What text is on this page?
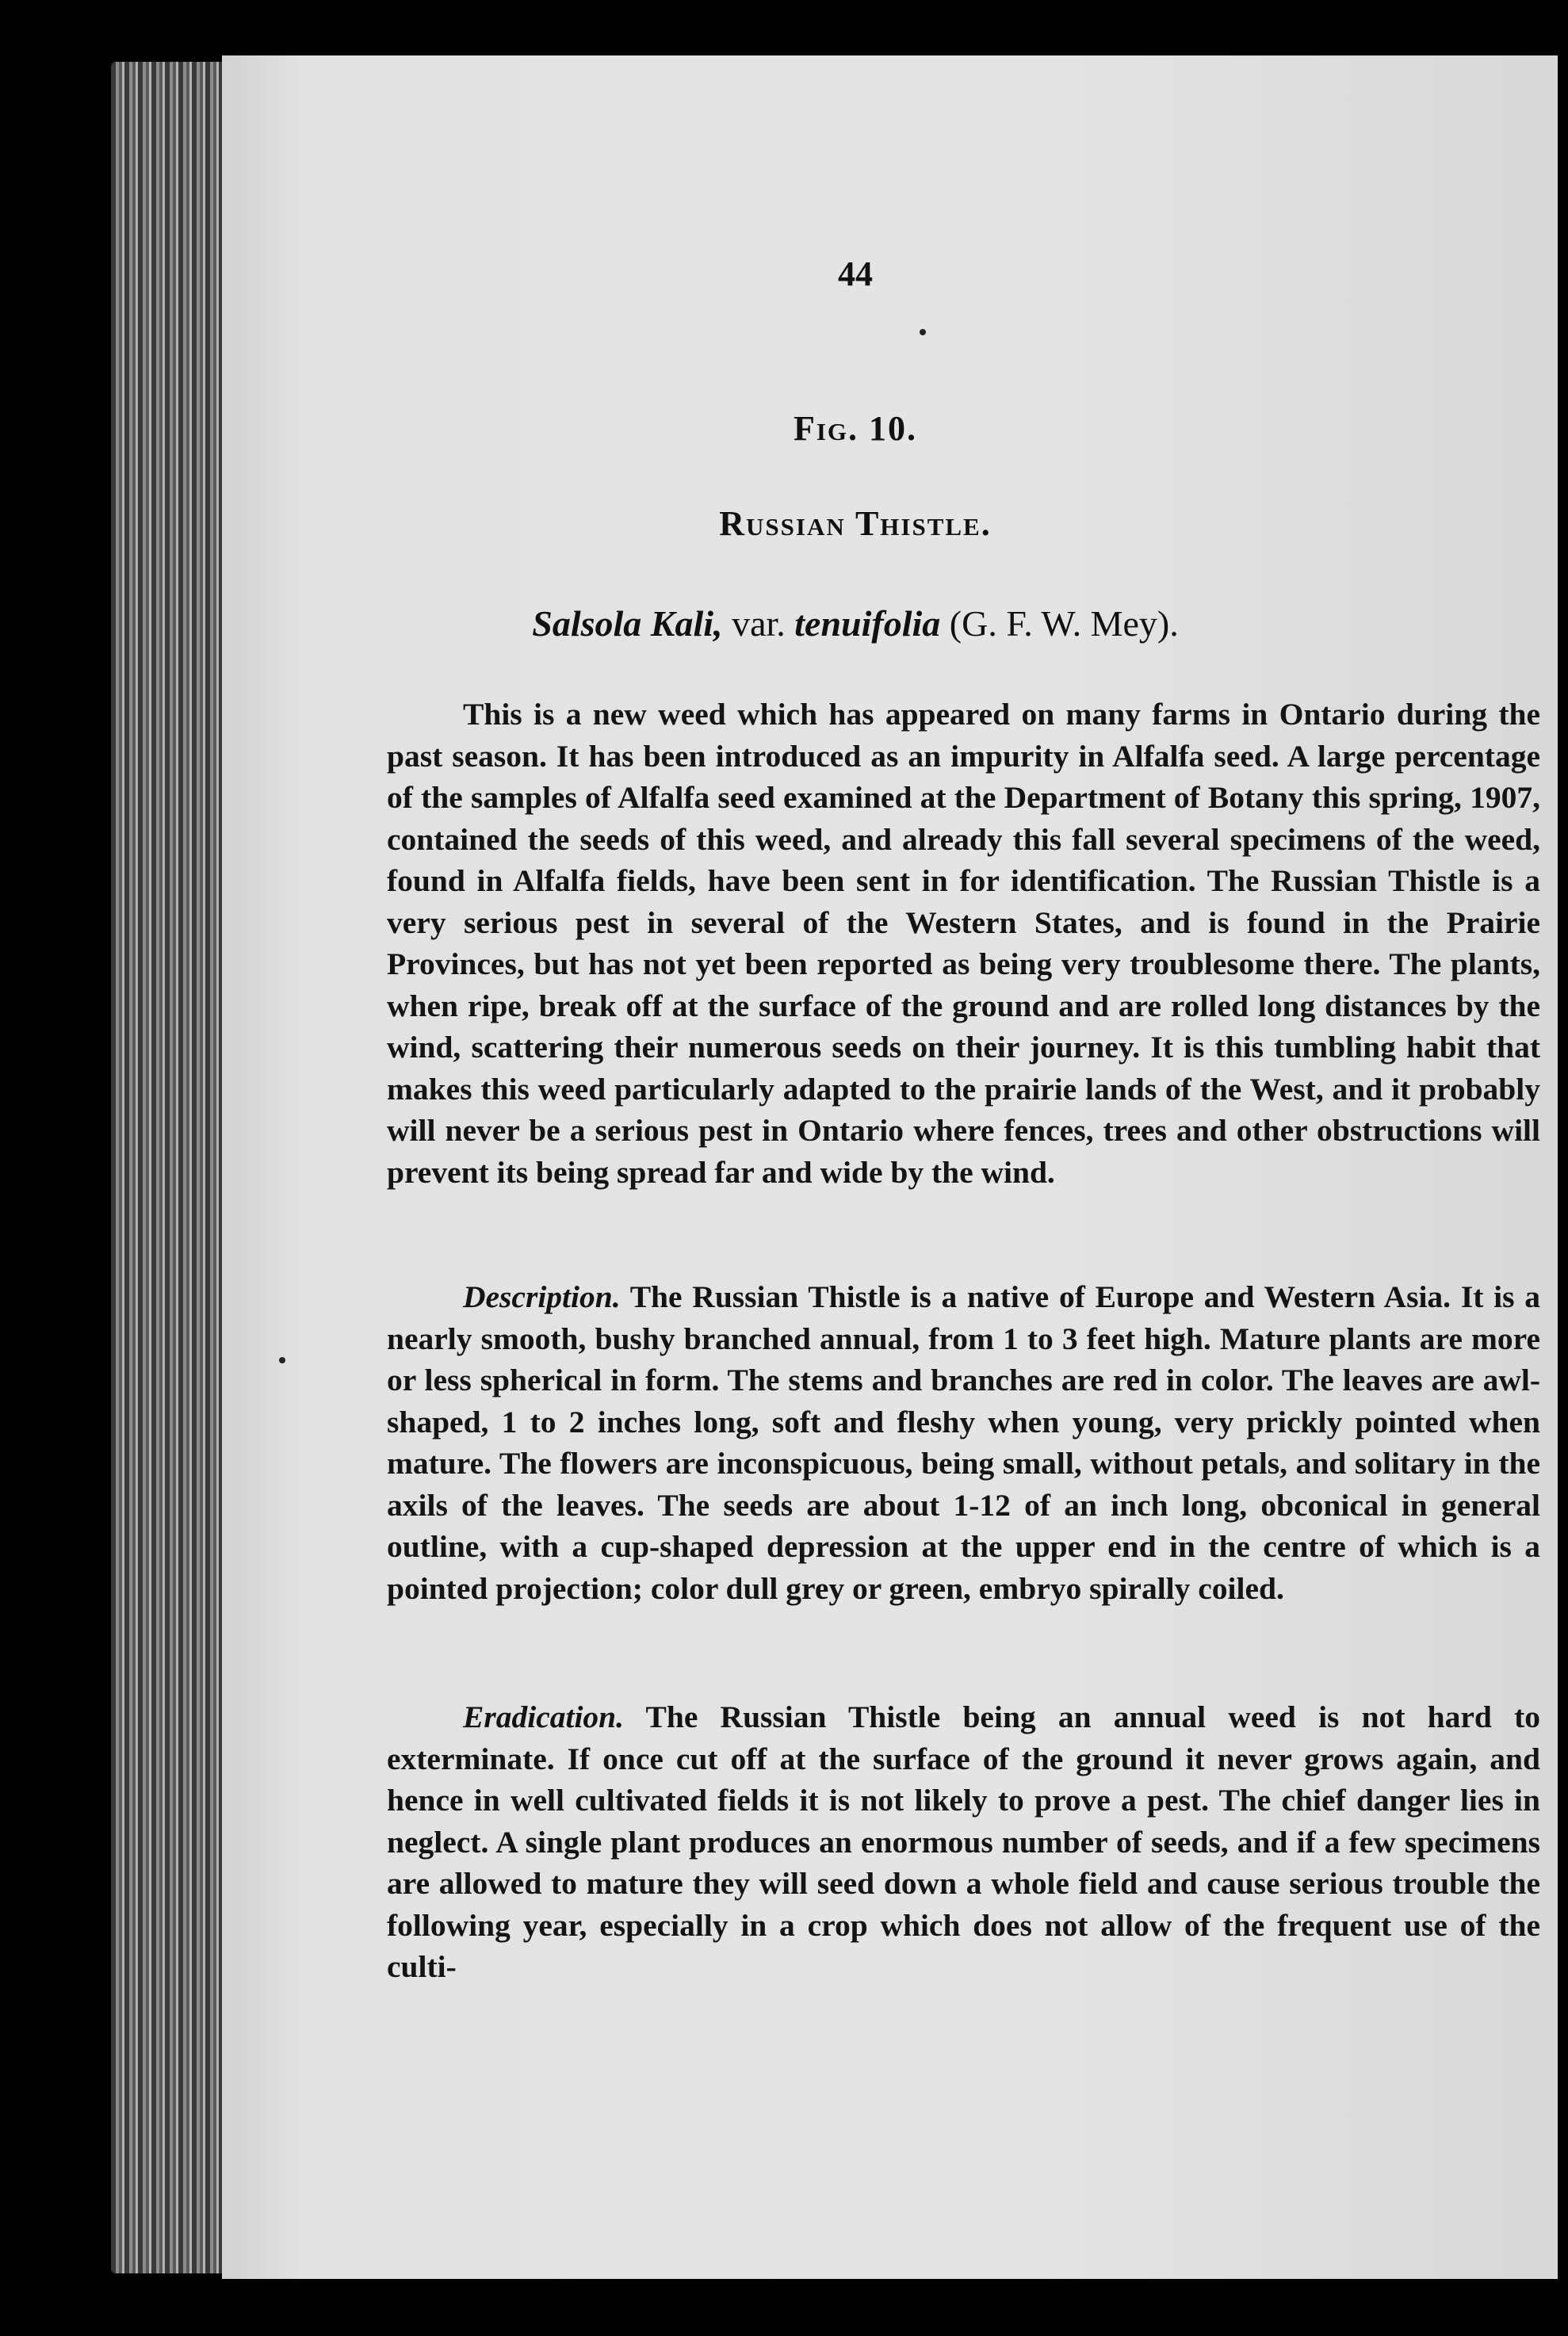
44
Fig. 10.
Russian Thistle.
Salsola Kali, var. tenuifolia (G. F. W. Mey).

This is a new weed which has appeared on many farms in Ontario during the past season. It has been introduced as an impurity in Alfalfa seed. A large percentage of the samples of Alfalfa seed examined at the Department of Botany this spring, 1907, contained the seeds of this weed, and already this fall several specimens of the weed, found in Alfalfa fields, have been sent in for identification. The Russian Thistle is a very serious pest in several of the Western States, and is found in the Prairie Provinces, but has not yet been reported as being very troublesome there. The plants, when ripe, break off at the surface of the ground and are rolled long distances by the wind, scattering their numerous seeds on their journey. It is this tumbling habit that makes this weed particularly adapted to the prairie lands of the West, and it probably will never be a serious pest in Ontario where fences, trees and other obstructions will prevent its being spread far and wide by the wind.

Description. The Russian Thistle is a native of Europe and Western Asia. It is a nearly smooth, bushy branched annual, from 1 to 3 feet high. Mature plants are more or less spherical in form. The stems and branches are red in color. The leaves are awl-shaped, 1 to 2 inches long, soft and fleshy when young, very prickly pointed when mature. The flowers are inconspicuous, being small, without petals, and solitary in the axils of the leaves. The seeds are about 1-12 of an inch long, obconical in general outline, with a cup-shaped depression at the upper end in the centre of which is a pointed projection; color dull grey or green, embryo spirally coiled.

Eradication. The Russian Thistle being an annual weed is not hard to exterminate. If once cut off at the surface of the ground it never grows again, and hence in well cultivated fields it is not likely to prove a pest. The chief danger lies in neglect. A single plant produces an enormous number of seeds, and if a few specimens are allowed to mature they will seed down a whole field and cause serious trouble the following year, especially in a crop which does not allow of the frequent use of the culti-
